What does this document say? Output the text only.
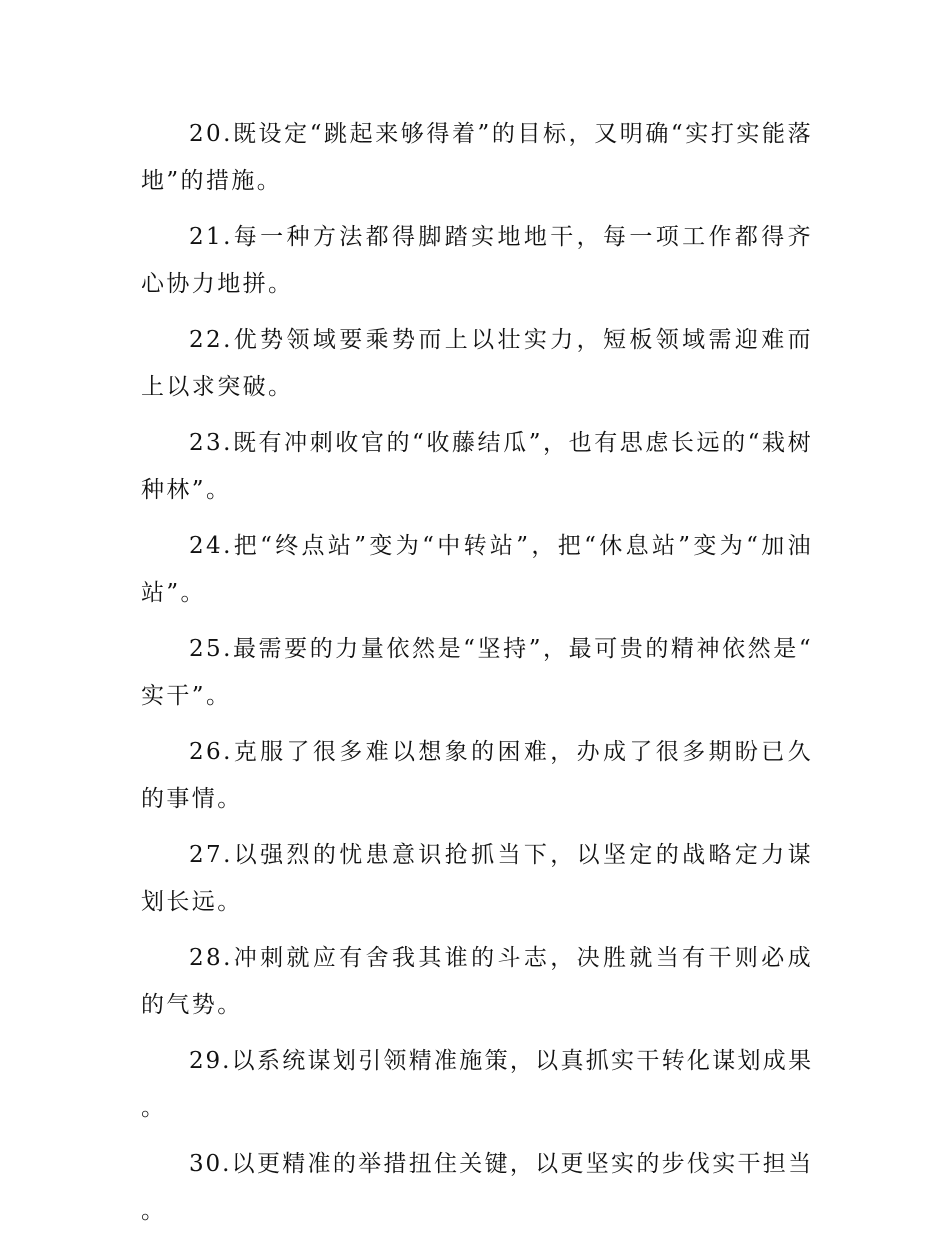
20.既设定“跳起来够得着”的目标，又明确“实打实能落地”的措施。

21.每一种方法都得脚踏实地地干，每一项工作都得齐心协力地拼。

22.优势领域要乘势而上以壮实力，短板领域需迎难而上以求突破。

23.既有冲刺收官的“收藤结瓜”，也有思虑长远的“栽树种林”。

24.把“终点站”变为“中转站”，把“休息站”变为“加油站”。

25.最需要的力量依然是“坚持”，最可贵的精神依然是“实干”。

26.克服了很多难以想象的困难，办成了很多期盼已久的事情。

27.以强烈的忧患意识抢抓当下，以坚定的战略定力谋划长远。

28.冲刺就应有舍我其谁的斗志，决胜就当有干则必成的气势。

29.以系统谋划引领精准施策，以真抓实干转化谋划成果。

30.以更精准的举措扭住关键，以更坚实的步伐实干担当。
